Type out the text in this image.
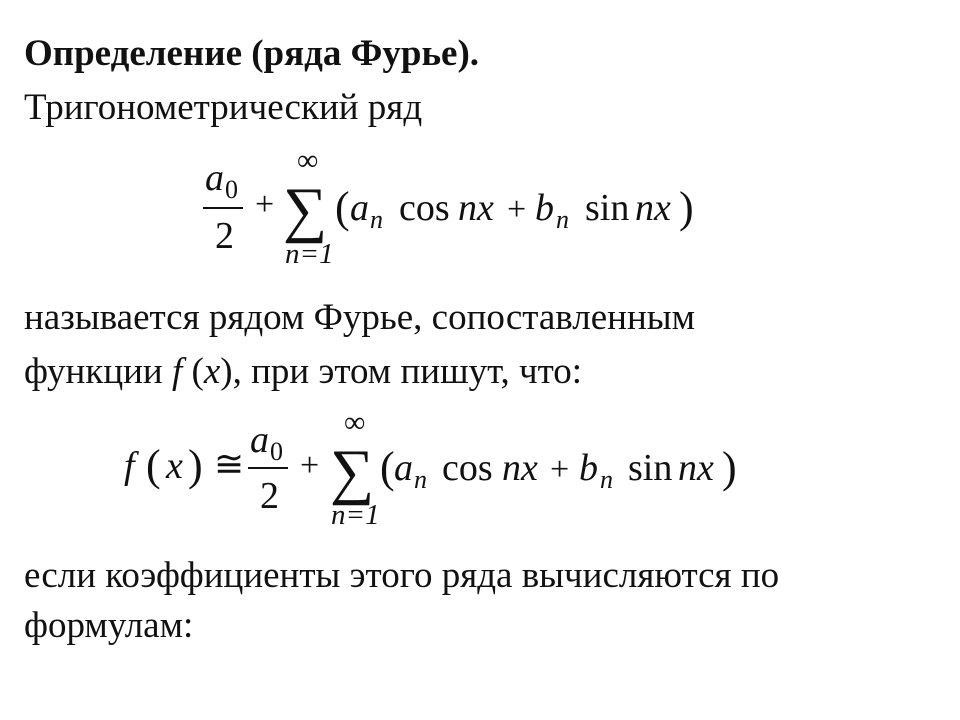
Определение (ряда Фурье).
Тригонометрический ряд
a 0
2
+
∞
∑
n=1
( a n cos nx + b n sin nx )
называется рядом Фурье, сопоставленным
функции f (x), при этом пишут, что:
f ( x ) ≅
a 0
2
+
∞
∑
n=1
( a n cos nx + b n sin nx )
если коэффициенты этого ряда вычисляются по
формулам:
